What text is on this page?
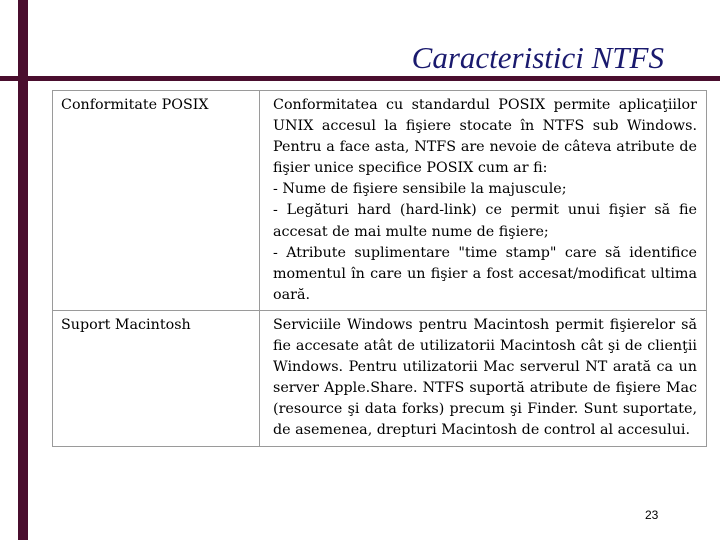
Caracteristici NTFS
Conformitate POSIX	Conformitatea cu standardul POSIX permite aplicaţiilor UNIX accesul la fişiere stocate în NTFS sub Windows. Pentru a face asta, NTFS are nevoie de câteva atribute de fişier unice specifice POSIX cum ar fi:
- Nume de fişiere sensibile la majuscule;
- Legături hard (hard-link) ce permit unui fişier să fie accesat de mai multe nume de fişiere;
- Atribute suplimentare "time stamp" care să identifice momentul în care un fişier a fost accesat/modificat ultima oară.

Suport Macintosh	Serviciile Windows pentru Macintosh permit fişierelor să fie accesate atât de utilizatorii Macintosh cât şi de clienţii Windows. Pentru utilizatorii Mac serverul NT arată ca un server Apple.Share. NTFS suportă atribute de fişiere Mac (resource şi data forks) precum şi Finder. Sunt suportate, de asemenea, drepturi Macintosh de control al accesului.
23
